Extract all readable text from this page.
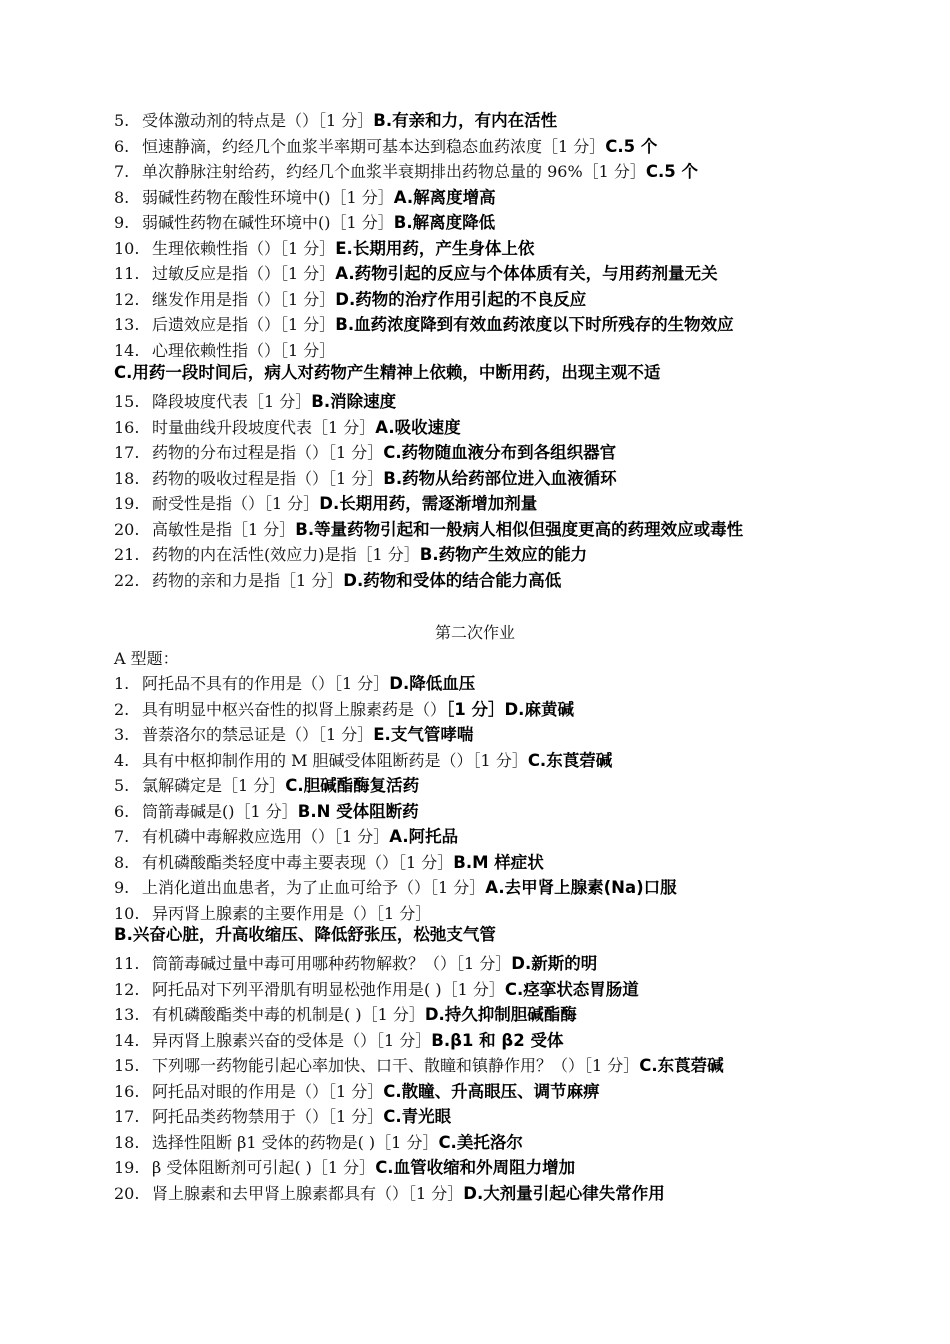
5. 受体激动剂的特点是（）［1 分］B.有亲和力，有内在活性
6. 恒速静滴，约经几个血浆半率期可基本达到稳态血药浓度［1 分］C.5 个
7. 单次静脉注射给药，约经几个血浆半衰期排出药物总量的 96%［1 分］C.5 个
8. 弱碱性药物在酸性环境中()［1 分］A.解离度增高
9. 弱碱性药物在碱性环境中()［1 分］B.解离度降低
10. 生理依赖性指（）［1 分］E.长期用药，产生身体上依
11. 过敏反应是指（）［1 分］A.药物引起的反应与个体体质有关，与用药剂量无关
12. 继发作用是指（）［1 分］D.药物的治疗作用引起的不良反应
13. 后遗效应是指（）［1 分］B.血药浓度降到有效血药浓度以下时所残存的生物效应
14. 心理依赖性指（）［1 分］
C.用药一段时间后，病人对药物产生精神上依赖，中断用药，出现主观不适
15. 降段坡度代表［1 分］B.消除速度
16. 时量曲线升段坡度代表［1 分］A.吸收速度
17. 药物的分布过程是指（）［1 分］C.药物随血液分布到各组织器官
18. 药物的吸收过程是指（）［1 分］B.药物从给药部位进入血液循环
19. 耐受性是指（）［1 分］D.长期用药，需逐渐增加剂量
20. 高敏性是指［1 分］B.等量药物引起和一般病人相似但强度更高的药理效应或毒性
21. 药物的内在活性(效应力)是指［1 分］B.药物产生效应的能力
22. 药物的亲和力是指［1 分］D.药物和受体的结合能力高低
第二次作业
A 型题：
1. 阿托品不具有的作用是（）［1 分］D.降低血压
2. 具有明显中枢兴奋性的拟肾上腺素药是（）［1 分］D.麻黄碱
3. 普萘洛尔的禁忌证是（）［1 分］E.支气管哮喘
4. 具有中枢抑制作用的 M 胆碱受体阻断药是（）［1 分］C.东莨菪碱
5. 氯解磷定是［1 分］C.胆碱酯酶复活药
6. 筒箭毒碱是()［1 分］B.N 受体阻断药
7. 有机磷中毒解救应选用（）［1 分］A.阿托品
8. 有机磷酸酯类轻度中毒主要表现（）［1 分］B.M 样症状
9. 上消化道出血患者，为了止血可给予（）［1 分］A.去甲肾上腺素(Na)口服
10. 异丙肾上腺素的主要作用是（）［1 分］
B.兴奋心脏，升高收缩压、降低舒张压，松弛支气管
11. 筒箭毒碱过量中毒可用哪种药物解救？（）［1 分］D.新斯的明
12. 阿托品对下列平滑肌有明显松弛作用是( )［1 分］C.痉挛状态胃肠道
13. 有机磷酸酯类中毒的机制是( )［1 分］D.持久抑制胆碱酯酶
14. 异丙肾上腺素兴奋的受体是（）［1 分］B.β1 和 β2 受体
15. 下列哪一药物能引起心率加快、口干、散瞳和镇静作用？（）［1 分］C.东莨菪碱
16. 阿托品对眼的作用是（）［1 分］C.散瞳、升高眼压、调节麻痹
17. 阿托品类药物禁用于（）［1 分］C.青光眼
18. 选择性阻断 β1 受体的药物是( )［1 分］C.美托洛尔
19. β 受体阻断剂可引起( )［1 分］C.血管收缩和外周阻力增加
20. 肾上腺素和去甲肾上腺素都具有（）［1 分］D.大剂量引起心律失常作用
